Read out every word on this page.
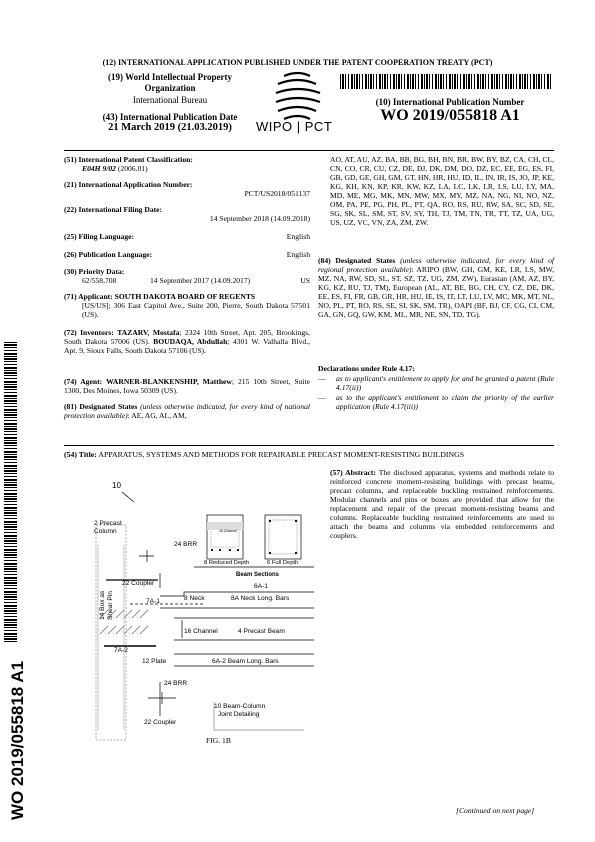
(12) INTERNATIONAL APPLICATION PUBLISHED UNDER THE PATENT COOPERATION TREATY (PCT)
(19) World Intellectual Property
Organization
International Bureau
(43) International Publication Date
21 March 2019 (21.03.2019)	WIPO | PCT
(10) International Publication Number
WO 2019/055818 A1
(51) International Patent Classification:
E04H 9/02 (2006.01)
(21) International Application Number:
PCT/US2018/051137
(22) International Filing Date:
14 September 2018 (14.09.2018)
(25) Filing Language:	English
(26) Publication Language:	English
(30) Priority Data:
62/558,708	14 September 2017 (14.09.2017)	US
(71) Applicant: SOUTH DAKOTA BOARD OF REGENTS
[US/US]; 306 East Capitol Ave., Suite 200, Pierre, South Dakota 57501 (US).
(72) Inventors: TAZARV, Mostafa; 2324 10th Street, Apt. 205, Brookings, South Dakota 57006 (US). BOUDAQA, Abdullah; 4301 W. Valhalla Blvd., Apt. 9, Sioux Falls, South Dakota 57106 (US).
(74) Agent: WARNER-BLANKENSHIP, Matthew; 215 10th Street, Suite 1300, Des Moines, Iowa 50309 (US).
(81) Designated States (unless otherwise indicated, for every kind of national protection available): AE, AG, AL, AM,
AO, AT, AU, AZ, BA, BB, BG, BH, BN, BR, BW, BY, BZ, CA, CH, CL, CN, CO, CR, CU, CZ, DE, DJ, DK, DM, DO, DZ, EC, EE, EG, ES, FI, GB, GD, GE, GH, GM, GT, HN, HR, HU, ID, IL, IN, IR, IS, JO, JP, KE, KG, KH, KN, KP, KR, KW, KZ, LA, LC, LK, LR, LS, LU, LY, MA, MD, ME, MG, MK, MN, MW, MX, MY, MZ, NA, NG, NI, NO, NZ, OM, PA, PE, PG, PH, PL, PT, QA, RO, RS, RU, RW, SA, SC, SD, SE, SG, SK, SL, SM, ST, SV, SY, TH, TJ, TM, TN, TR, TT, TZ, UA, UG, US, UZ, VC, VN, ZA, ZM, ZW.
(84) Designated States (unless otherwise indicated, for every kind of regional protection available): ARIPO (BW, GH, GM, KE, LR, LS, MW, MZ, NA, RW, SD, SL, ST, SZ, TZ, UG, ZM, ZW), Eurasian (AM, AZ, BY, KG, KZ, RU, TJ, TM), European (AL, AT, BE, BG, CH, CY, CZ, DE, DK, EE, ES, FI, FR, GB, GR, HR, HU, IE, IS, IT, LT, LU, LV, MC, MK, MT, NL, NO, PL, PT, RO, RS, SE, SI, SK, SM, TR), OAPI (BF, BJ, CF, CG, CI, CM, GA, GN, GQ, GW, KM, ML, MR, NE, SN, TD, TG).
Declarations under Rule 4.17:
—	as to applicant's entitlement to apply for and be granted a patent (Rule 4.17(ii))
—	as to the applicant's entitlement to claim the priority of the earlier application (Rule 4.17(iii))
(54) Title: APPARATUS, SYSTEMS AND METHODS FOR REPAIRABLE PRECAST MOMENT-RESISTING BUILDINGS
(57) Abstract: The disclosed apparatus, systems and methods relate to reinforced concrete moment-resisting buildings with precast beams, precast columns, and replaceable buckling restrained reinforcements. Modular channels and pins or boxes are provided that allow for the replacement and repair of the precast moment-resisting beams and columns. Replaceable buckling restrained reinforcements are used to attach the beams and columns via embedded reinforcements and couplers.
10
2 Precast
Column
24 BRR
16 Channel
8 Reduced Depth	6 Full Depth
Beam Sections
14 Box as Shear Pin
22 Coupler	6A-1
8 Neck	8A Neck Long. Bars
7A-1
16 Channel	4 Precast Beam
7A-2
12 Plate	6A-2 Beam Long. Bars
24 BRR
10 Beam-Column
Joint Detailing
22 Coupler
FIG. 1B
WO 2019/055818 A1	[Continued on next page]
